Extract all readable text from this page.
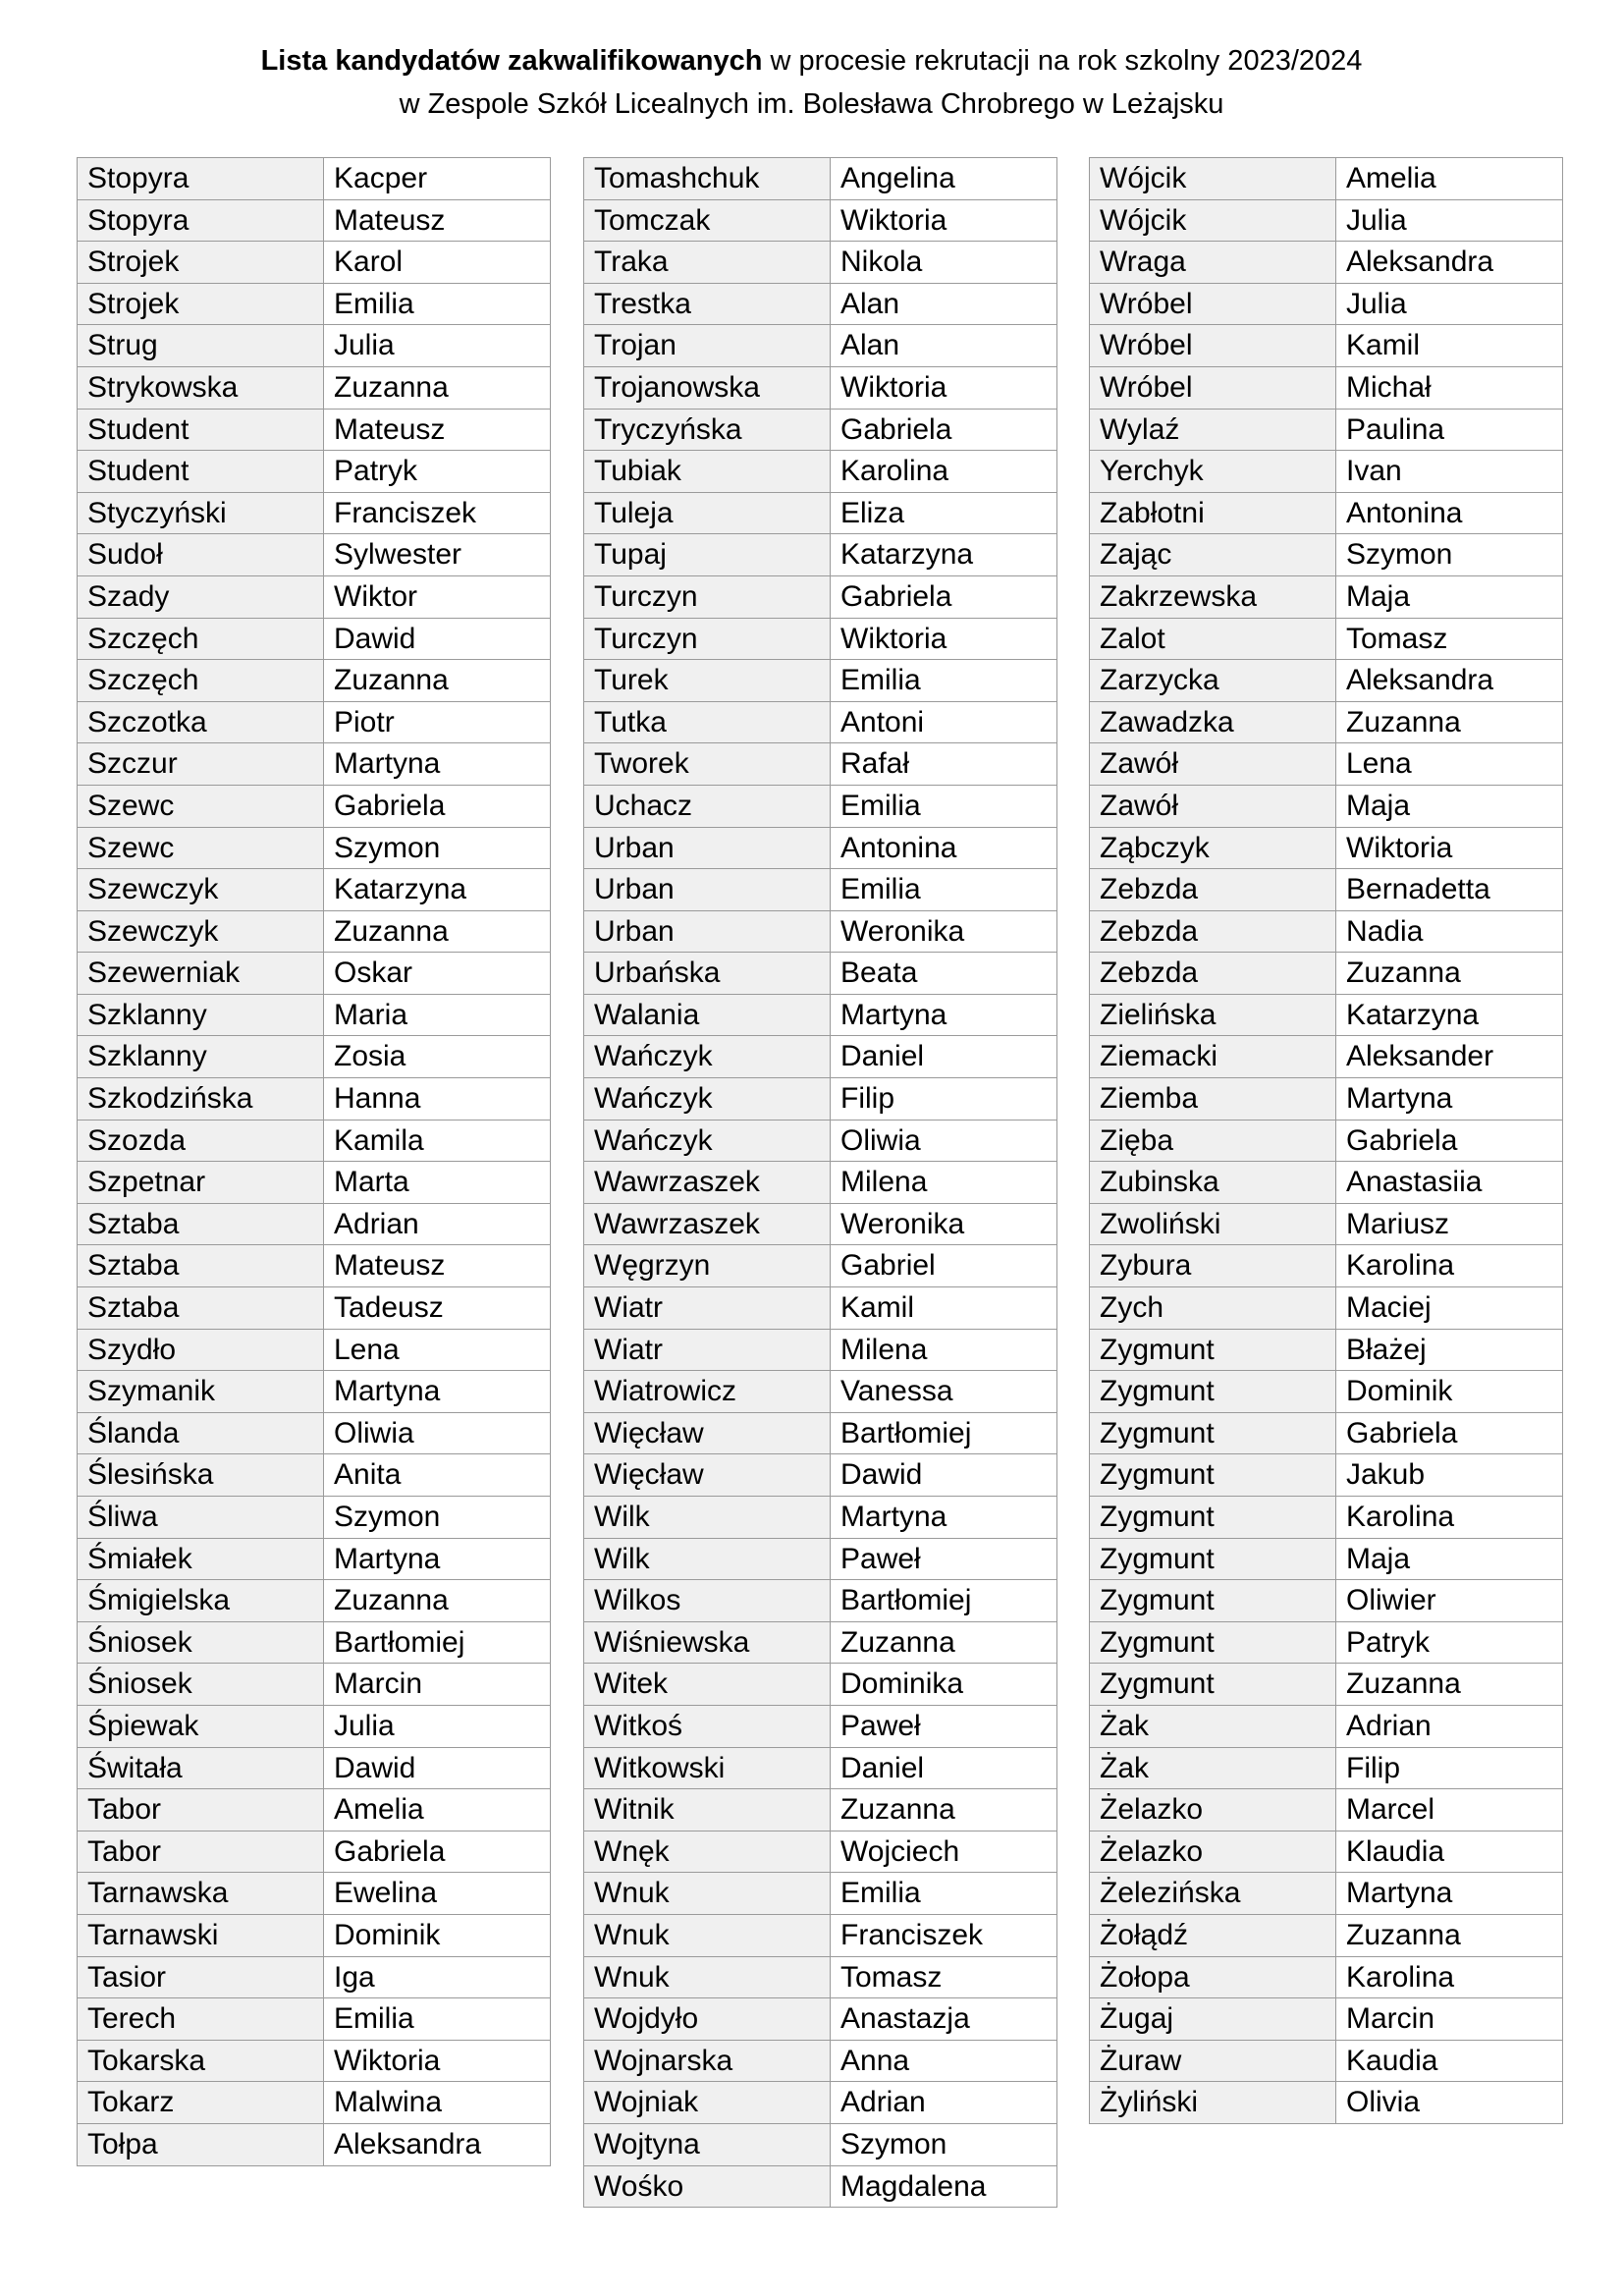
Lista kandydatów zakwalifikowanych w procesie rekrutacji na rok szkolny 2023/2024
w Zespole Szkół Licealnych im. Bolesława Chrobrego w Leżajsku
Stopyra	Kacper
Stopyra	Mateusz
Strojek	Karol
Strojek	Emilia
Strug	Julia
Strykowska	Zuzanna
Student	Mateusz
Student	Patryk
Styczyński	Franciszek
Sudoł	Sylwester
Szady	Wiktor
Szczęch	Dawid
Szczęch	Zuzanna
Szczotka	Piotr
Szczur	Martyna
Szewc	Gabriela
Szewc	Szymon
Szewczyk	Katarzyna
Szewczyk	Zuzanna
Szewerniak	Oskar
Szklanny	Maria
Szklanny	Zosia
Szkodzińska	Hanna
Szozda	Kamila
Szpetnar	Marta
Sztaba	Adrian
Sztaba	Mateusz
Sztaba	Tadeusz
Szydło	Lena
Szymanik	Martyna
Ślanda	Oliwia
Ślesińska	Anita
Śliwa	Szymon
Śmiałek	Martyna
Śmigielska	Zuzanna
Śniosek	Bartłomiej
Śniosek	Marcin
Śpiewak	Julia
Świtała	Dawid
Tabor	Amelia
Tabor	Gabriela
Tarnawska	Ewelina
Tarnawski	Dominik
Tasior	Iga
Terech	Emilia
Tokarska	Wiktoria
Tokarz	Malwina
Tołpa	Aleksandra
Tomashchuk	Angelina
Tomczak	Wiktoria
Traka	Nikola
Trestka	Alan
Trojan	Alan
Trojanowska	Wiktoria
Tryczyńska	Gabriela
Tubiak	Karolina
Tuleja	Eliza
Tupaj	Katarzyna
Turczyn	Gabriela
Turczyn	Wiktoria
Turek	Emilia
Tutka	Antoni
Tworek	Rafał
Uchacz	Emilia
Urban	Antonina
Urban	Emilia
Urban	Weronika
Urbańska	Beata
Walania	Martyna
Wańczyk	Daniel
Wańczyk	Filip
Wańczyk	Oliwia
Wawrzaszek	Milena
Wawrzaszek	Weronika
Węgrzyn	Gabriel
Wiatr	Kamil
Wiatr	Milena
Wiatrowicz	Vanessa
Więcław	Bartłomiej
Więcław	Dawid
Wilk	Martyna
Wilk	Paweł
Wilkos	Bartłomiej
Wiśniewska	Zuzanna
Witek	Dominika
Witkoś	Paweł
Witkowski	Daniel
Witnik	Zuzanna
Wnęk	Wojciech
Wnuk	Emilia
Wnuk	Franciszek
Wnuk	Tomasz
Wojdyło	Anastazja
Wojnarska	Anna
Wojniak	Adrian
Wojtyna	Szymon
Wośko	Magdalena
Wójcik	Amelia
Wójcik	Julia
Wraga	Aleksandra
Wróbel	Julia
Wróbel	Kamil
Wróbel	Michał
Wylaź	Paulina
Yerchyk	Ivan
Zabłotni	Antonina
Zając	Szymon
Zakrzewska	Maja
Zalot	Tomasz
Zarzycka	Aleksandra
Zawadzka	Zuzanna
Zawół	Lena
Zawół	Maja
Ząbczyk	Wiktoria
Zebzda	Bernadetta
Zebzda	Nadia
Zebzda	Zuzanna
Zielińska	Katarzyna
Ziemacki	Aleksander
Ziemba	Martyna
Zięba	Gabriela
Zubinska	Anastasiia
Zwoliński	Mariusz
Zybura	Karolina
Zych	Maciej
Zygmunt	Błażej
Zygmunt	Dominik
Zygmunt	Gabriela
Zygmunt	Jakub
Zygmunt	Karolina
Zygmunt	Maja
Zygmunt	Oliwier
Zygmunt	Patryk
Zygmunt	Zuzanna
Żak	Adrian
Żak	Filip
Żelazko	Marcel
Żelazko	Klaudia
Żelezińska	Martyna
Żołądź	Zuzanna
Żołopa	Karolina
Żugaj	Marcin
Żuraw	Kaudia
Żyliński	Olivia
